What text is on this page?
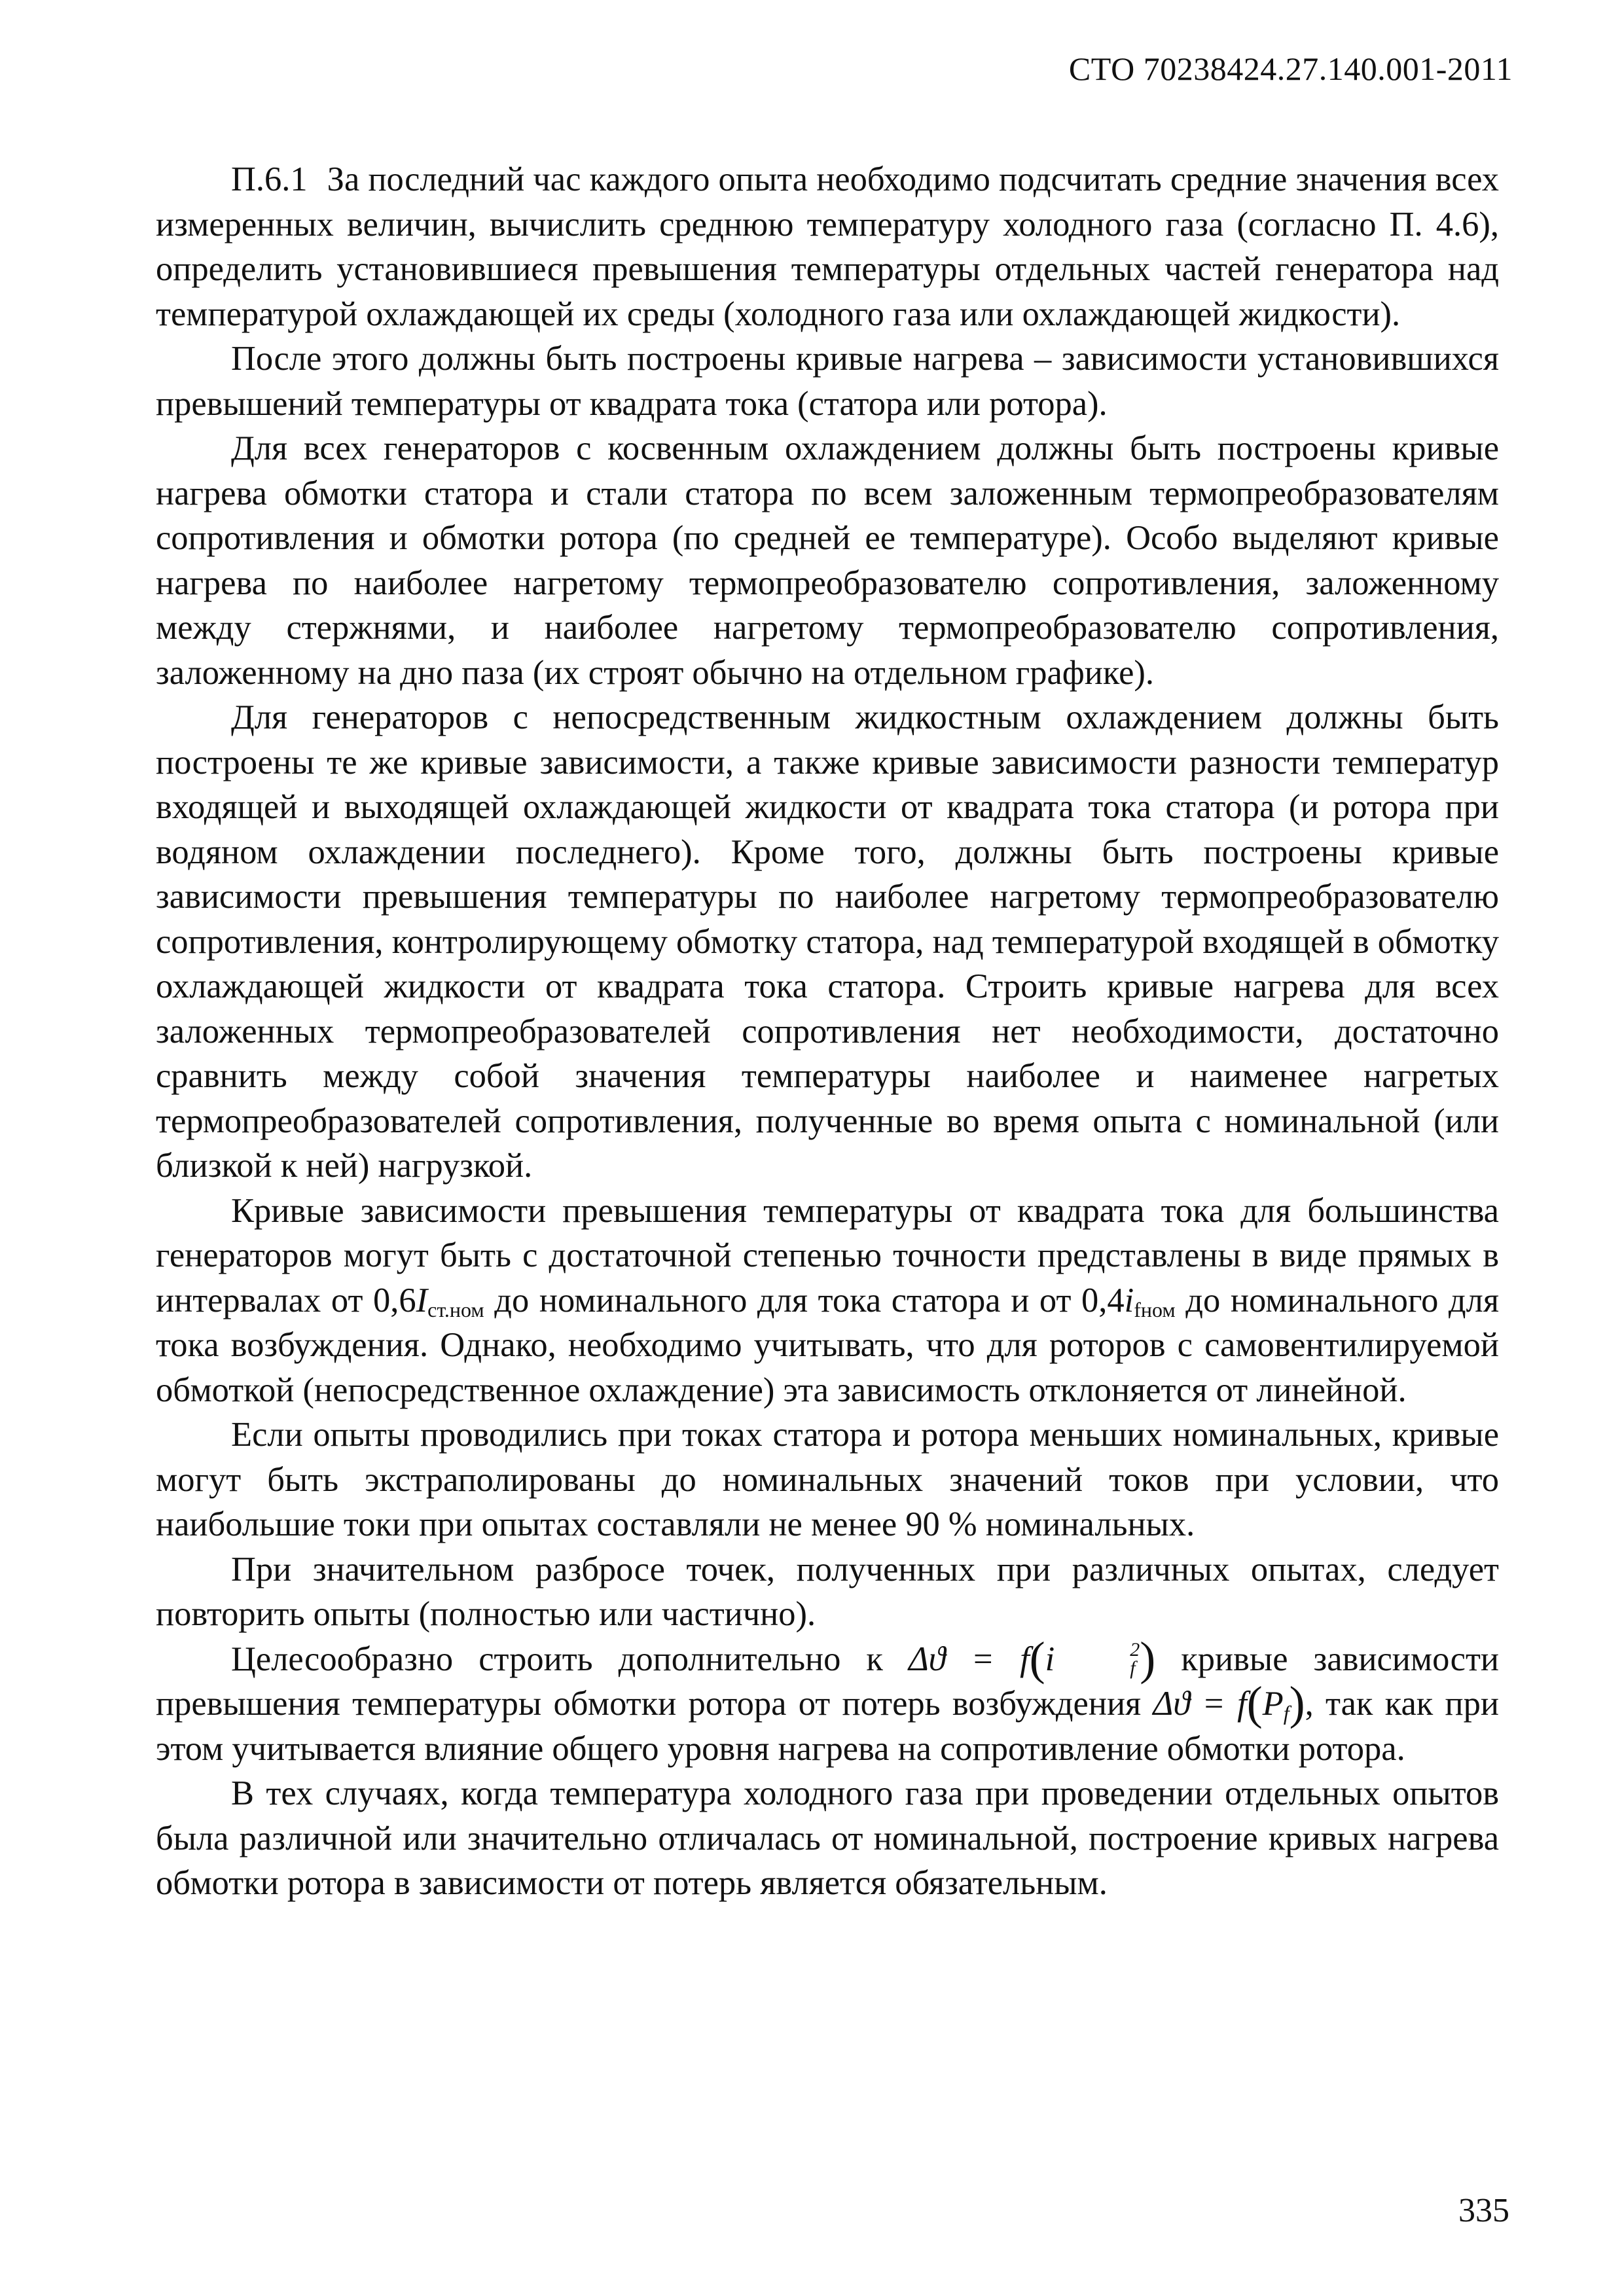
СТО 70238424.27.140.001-2011

П.6.1 За последний час каждого опыта необходимо подсчитать средние значения всех измеренных величин, вычислить среднюю температуру холодного газа (согласно П. 4.6), определить установившиеся превышения температуры отдельных частей генератора над температурой охлаждающей их среды (холодного газа или охлаждающей жидкости).

После этого должны быть построены кривые нагрева – зависимости установившихся превышений температуры от квадрата тока (статора или ротора).

Для всех генераторов с косвенным охлаждением должны быть построены кривые нагрева обмотки статора и стали статора по всем заложенным термопреобразователям сопротивления и обмотки ротора (по средней ее температуре). Особо выделяют кривые нагрева по наиболее нагретому термопреобразователю сопротивления, заложенному между стержнями, и наиболее нагретому термопреобразователю сопротивления, заложенному на дно паза (их строят обычно на отдельном графике).

Для генераторов с непосредственным жидкостным охлаждением должны быть построены те же кривые зависимости, а также кривые зависимости разности температур входящей и выходящей охлаждающей жидкости от квадрата тока статора (и ротора при водяном охлаждении последнего). Кроме того, должны быть построены кривые зависимости превышения температуры по наиболее нагретому термопреобразователю сопротивления, контролирующему обмотку статора, над температурой входящей в обмотку охлаждающей жидкости от квадрата тока статора. Строить кривые нагрева для всех заложенных термопреобразователей сопротивления нет необходимости, достаточно сравнить между собой значения температуры наиболее и наименее нагретых термопреобразователей сопротивления, полученные во время опыта с номинальной (или близкой к ней) нагрузкой.

Кривые зависимости превышения температуры от квадрата тока для большинства генераторов могут быть с достаточной степенью точности представлены в виде прямых в интервалах от $0,6I_{ст.ном}$ до номинального для тока статора и от $0,4i_{fном}$ до номинального для тока возбуждения. Однако, необходимо учитывать, что для роторов с самовентилируемой обмоткой (непосредственное охлаждение) эта зависимость отклоняется от линейной.

Если опыты проводились при токах статора и ротора меньших номинальных, кривые могут быть экстраполированы до номинальных значений токов при условии, что наибольшие токи при опытах составляли не менее 90 % номинальных.

При значительном разбросе точек, полученных при различных опытах, следует повторить опыты (полностью или частично).

Целесообразно строить дополнительно к Δϑ = f(i	2
f ) кривые зависимости превышения температуры обмотки ротора от потерь возбуждения $\Delta ϑ = f(P_f)$, так как при этом учитывается влияние общего уровня нагрева на сопротивление обмотки ротора.

В тех случаях, когда температура холодного газа при проведении отдельных опытов была различной или значительно отличалась от номинальной, построение кривых нагрева обмотки ротора в зависимости от потерь является обязательным.

335
